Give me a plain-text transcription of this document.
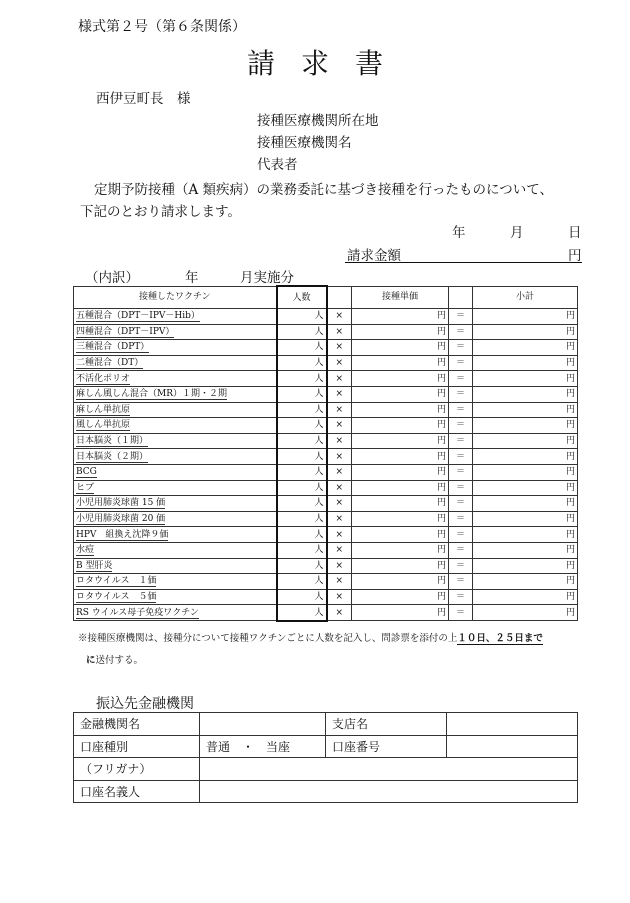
様式第２号（第６条関係）
請求書
西伊豆町長　様
接種医療機関所在地
接種医療機関名
代表者
定期予防接種（A 類疾病）の業務委託に基づき接種を行ったものについて、
下記のとおり請求します。
年	月	日
請求金額	円
（内訳）	年	月実施分
接種したワクチン	人数		接種単価		小計
五種混合（DPT－IPV－Hib）	人	×	円	＝	円
四種混合（DPT－IPV）	人	×	円	＝	円
三種混合（DPT）	人	×	円	＝	円
二種混合（DT）	人	×	円	＝	円
不活化ポリオ	人	×	円	＝	円
麻しん風しん混合（MR）１期・２期	人	×	円	＝	円
麻しん単抗原	人	×	円	＝	円
風しん単抗原	人	×	円	＝	円
日本脳炎（１期）	人	×	円	＝	円
日本脳炎（２期）	人	×	円	＝	円
BCG	人	×	円	＝	円
ヒブ	人	×	円	＝	円
小児用肺炎球菌 15 価	人	×	円	＝	円
小児用肺炎球菌 20 価	人	×	円	＝	円
HPV　組換え沈降９価	人	×	円	＝	円
水痘	人	×	円	＝	円
B 型肝炎	人	×	円	＝	円
ロタウイルス　１価	人	×	円	＝	円
ロタウイルス　５価	人	×	円	＝	円
RS ウイルス母子免疫ワクチン	人	×	円	＝	円
※接種医療機関は、接種分について接種ワクチンごとに人数を記入し、問診票を添付の上１０日、２５日まで
に送付する。
振込先金融機関
金融機関名		支店名	
口座種別	普通　・　当座	口座番号	
（フリガナ）			
口座名義人			
